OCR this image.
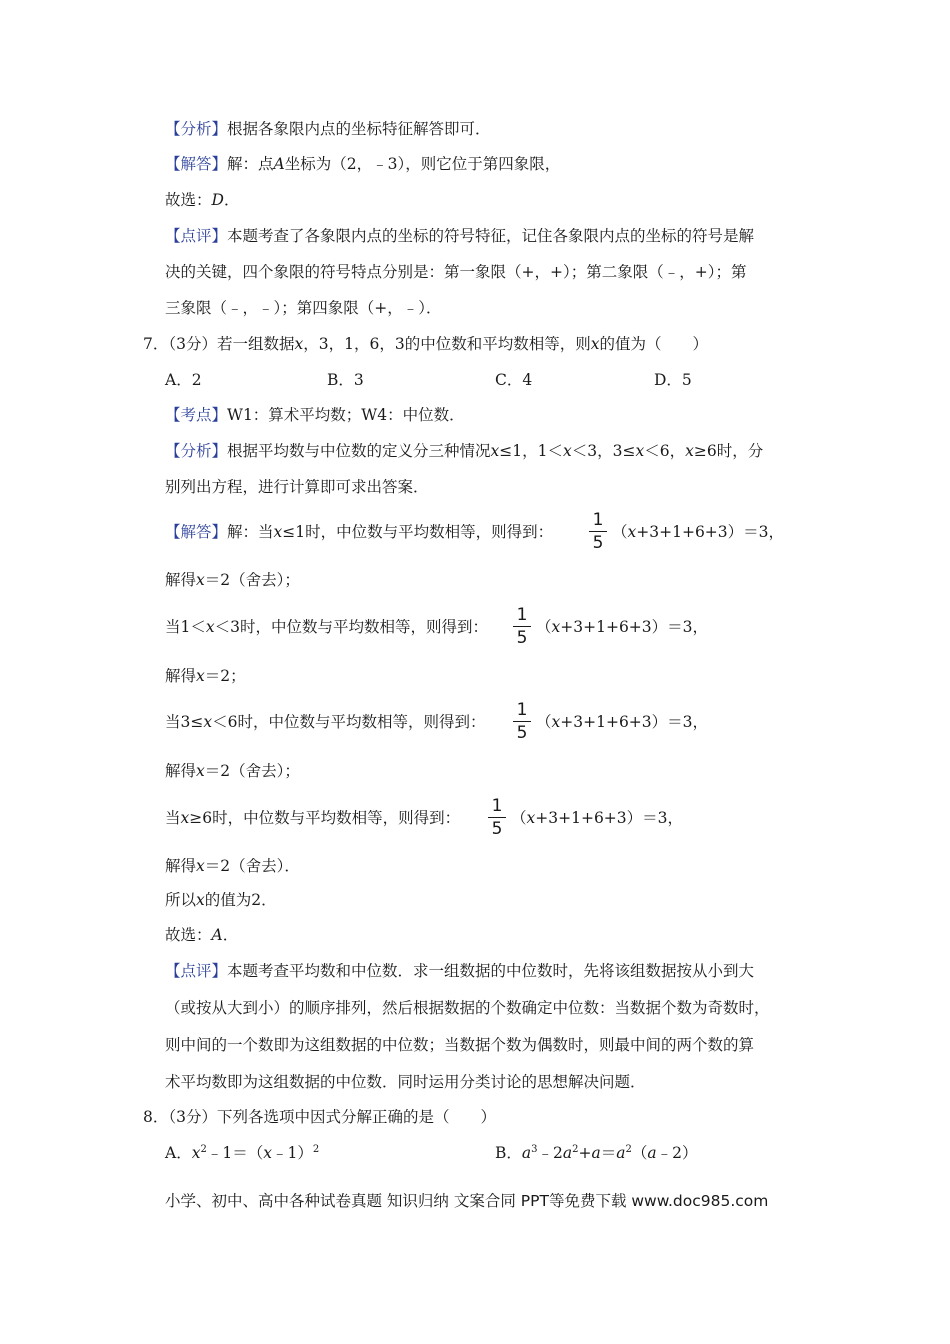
【分析】根据各象限内点的坐标特征解答即可．
【解答】解：点A坐标为（2，﹣3），则它位于第四象限，
故选：D．
【点评】本题考查了各象限内点的坐标的符号特征，记住各象限内点的坐标的符号是解
决的关键，四个象限的符号特点分别是：第一象限（+，+）；第二象限（﹣，+）；第
三象限（﹣，﹣）；第四象限（+，﹣）．
7．（3分）若一组数据x，3，1，6，3的中位数和平均数相等，则x的值为（　　）
A．2	B．3	C．4	D．5
【考点】W1：算术平均数；W4：中位数．
【分析】根据平均数与中位数的定义分三种情况x≤1，1＜x＜3，3≤x＜6，x≥6时，分
别列出方程，进行计算即可求出答案．
【解答】解：当x≤1时，中位数与平均数相等，则得到：
1
5
（x+3+1+6+3）＝3，
解得x＝2（舍去）；
当1＜x＜3时，中位数与平均数相等，则得到：
1
5
（x+3+1+6+3）＝3，
解得x＝2；
当3≤x＜6时，中位数与平均数相等，则得到：
1
5
（x+3+1+6+3）＝3，
解得x＝2（舍去）；
当x≥6时，中位数与平均数相等，则得到：
1
5
（x+3+1+6+3）＝3，
解得x＝2（舍去）．
所以x的值为2．
故选：A．
【点评】本题考查平均数和中位数．求一组数据的中位数时，先将该组数据按从小到大
（或按从大到小）的顺序排列，然后根据数据的个数确定中位数：当数据个数为奇数时，
则中间的一个数即为这组数据的中位数；当数据个数为偶数时，则最中间的两个数的算
术平均数即为这组数据的中位数．同时运用分类讨论的思想解决问题．
8．（3分）下列各选项中因式分解正确的是（　　）
A．$x^2﹣1=(x﹣1)^2$	B．$a^3﹣2a^2+a=a^2(a﹣2)$
小学、初中、高中各种试卷真题 知识归纳 文案合同 PPT等免费下载 www.doc985.com
